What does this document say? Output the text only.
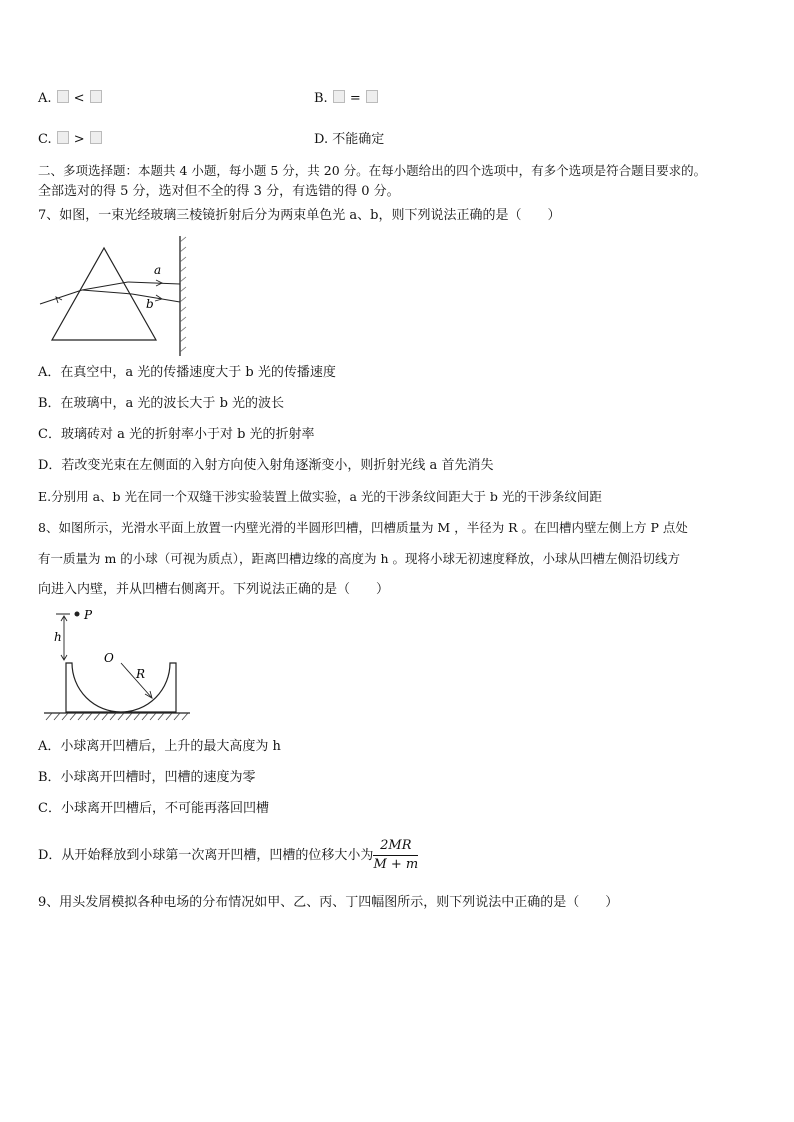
A. <	B. =
C. >	D. 不能确定
二、多项选择题：本题共 4 小题，每小题 5 分，共 20 分。在每小题给出的四个选项中，有多个选项是符合题目要求的。
全部选对的得 5 分，选对但不全的得 3 分，有选错的得 0 分。
7、如图，一束光经玻璃三棱镜折射后分为两束单色光 a、b，则下列说法正确的是（　　）
a
b
A．在真空中，a 光的传播速度大于 b 光的传播速度
B．在玻璃中，a 光的波长大于 b 光的波长
C．玻璃砖对 a 光的折射率小于对 b 光的折射率
D．若改变光束在左侧面的入射方向使入射角逐渐变小，则折射光线 a 首先消失
E.分别用 a、b 光在同一个双缝干涉实验装置上做实验，a 光的干涉条纹间距大于 b 光的干涉条纹间距
8、如图所示，光滑水平面上放置一内壁光滑的半圆形凹槽，凹槽质量为 M ，半径为 R 。在凹槽内壁左侧上方 P 点处
有一质量为 m 的小球（可视为质点），距离凹槽边缘的高度为 h 。现将小球无初速度释放，小球从凹槽左侧沿切线方
向进入内壁，并从凹槽右侧离开。下列说法正确的是（　　）
P
h
O
R
A．小球离开凹槽后，上升的最大高度为 h
B．小球离开凹槽时，凹槽的速度为零
C．小球离开凹槽后，不可能再落回凹槽
D．从开始释放到小球第一次离开凹槽，凹槽的位移大小为 $\frac{2MR}{M + m}$
9、用头发屑模拟各种电场的分布情况如甲、乙、丙、丁四幅图所示，则下列说法中正确的是（　　）
